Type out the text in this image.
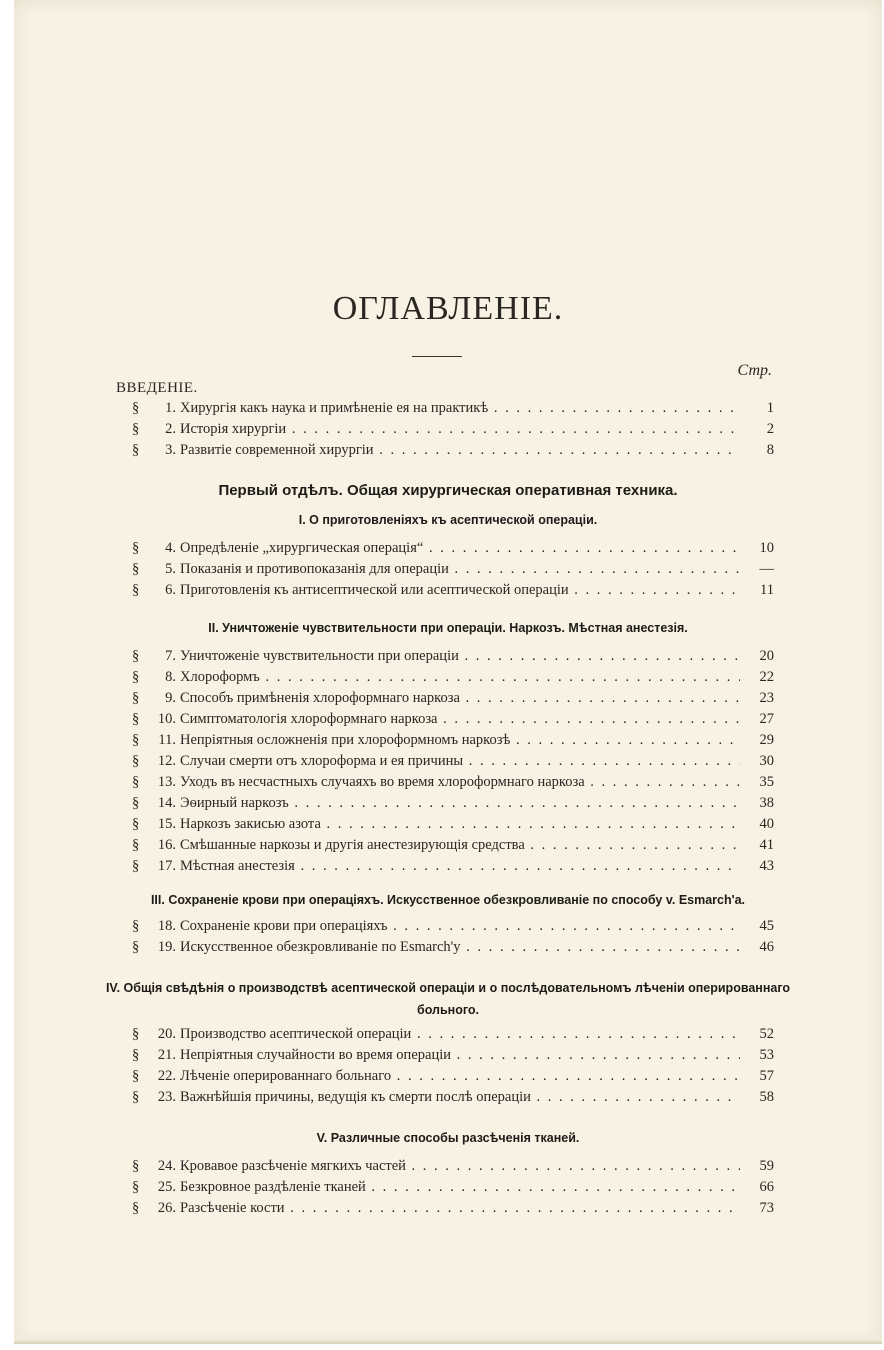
ОГЛАВЛЕНІЕ.
Стр.
ВВЕДЕНІЕ.
§	1. Хирургія какъ наука и примѣненіе ея на практикѣ . . .	1
§	2. Исторія хирургіи . . .	2
§	3. Развитіе современной хирургіи . . .	8
Первый отдѣлъ. Общая хирургическая оперативная техника.
I. О приготовленіяхъ къ асептической операціи.
§	4. Опредѣленіе „хирургическая операція“ . . .	10
§	5. Показанія и противопоказанія для операціи . . .	—
§	6. Приготовленія къ антисептической или асептической операціи . . .	11
II. Уничтоженіе чувствительности при операціи. Наркозъ. Мѣстная анестезія.
§	7. Уничтоженіе чувствительности при операціи . . .	20
§	8. Хлороформъ . . .	22
§	9. Способъ примѣненія хлороформнаго наркоза . . .	23
§	10. Симптоматологія хлороформнаго наркоза . . .	27
§	11. Непріятныя осложненія при хлороформномъ наркозѣ . . .	29
§	12. Случаи смерти отъ хлороформа и ея причины . . .	30
§	13. Уходъ въ несчастныхъ случаяхъ во время хлороформнаго наркоза . . .	35
§	14. Эѳирный наркозъ . . .	38
§	15. Наркозъ закисью азота . . .	40
§	16. Смѣшанные наркозы и другія анестезирующія средства . . .	41
§	17. Мѣстная анестезія . . .	43
III. Сохраненіе крови при операціяхъ. Искусственное обезкровливаніе по способу v. Esmarch'a.
§	18. Сохраненіе крови при операціяхъ . . .	45
§	19. Искусственное обезкровливаніе по Esmarch'у . . .	46
IV. Общія свѣдѣнія о производствѣ асептической операціи и о послѣдовательномъ лѣченіи оперированнаго больного.
§	20. Производство асептической операціи . . .	52
§	21. Непріятныя случайности во время операціи . . .	53
§	22. Лѣченіе оперированнаго больнаго . . .	57
§	23. Важнѣйшія причины, ведущія къ смерти послѣ операціи . . .	58
V. Различные способы разсѣченія тканей.
§	24. Кровавое разсѣченіе мягкихъ частей . . .	59
§	25. Безкровное раздѣленіе тканей . . .	66
§	26. Разсѣченіе кости . . .	73
